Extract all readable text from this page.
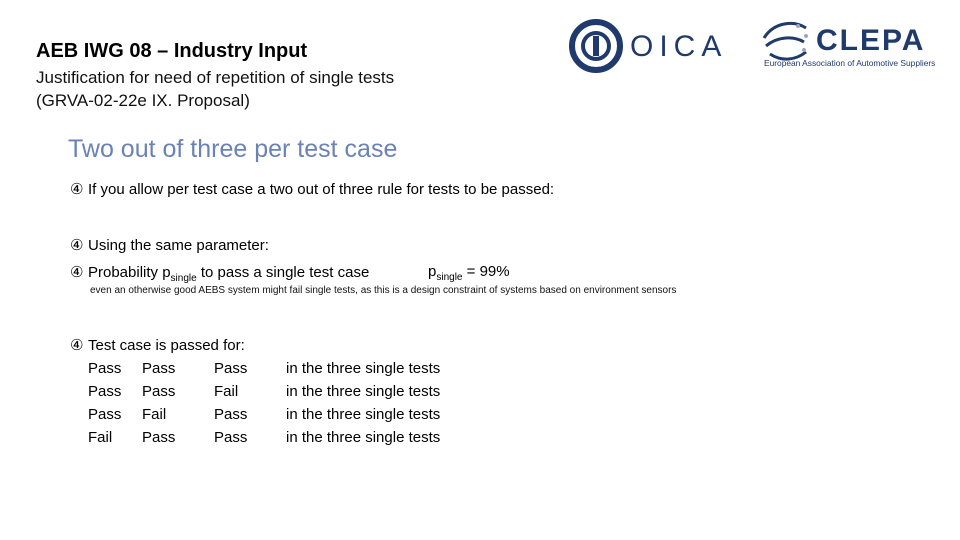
AEB IWG 08 – Industry Input
Justification for need of repetition of single tests
(GRVA-02-22e IX. Proposal)
OICA	CLEPA
European Association of Automotive Suppliers
Two out of three per test case
④ If you allow per test case a two out of three rule for tests to be passed:
④ Using the same parameter:
④ Probability $p_{single}$ to pass a single test case	$p_{single} = 99\%$
even an otherwise good AEBS system might fail single tests, as this is a design constraint of systems based on environment sensors
④ Test case is passed for:
Pass	Pass	Pass	in the three single tests
Pass	Pass	Fail	in the three single tests
Pass	Fail	Pass	in the three single tests
Fail	Pass	Pass	in the three single tests
